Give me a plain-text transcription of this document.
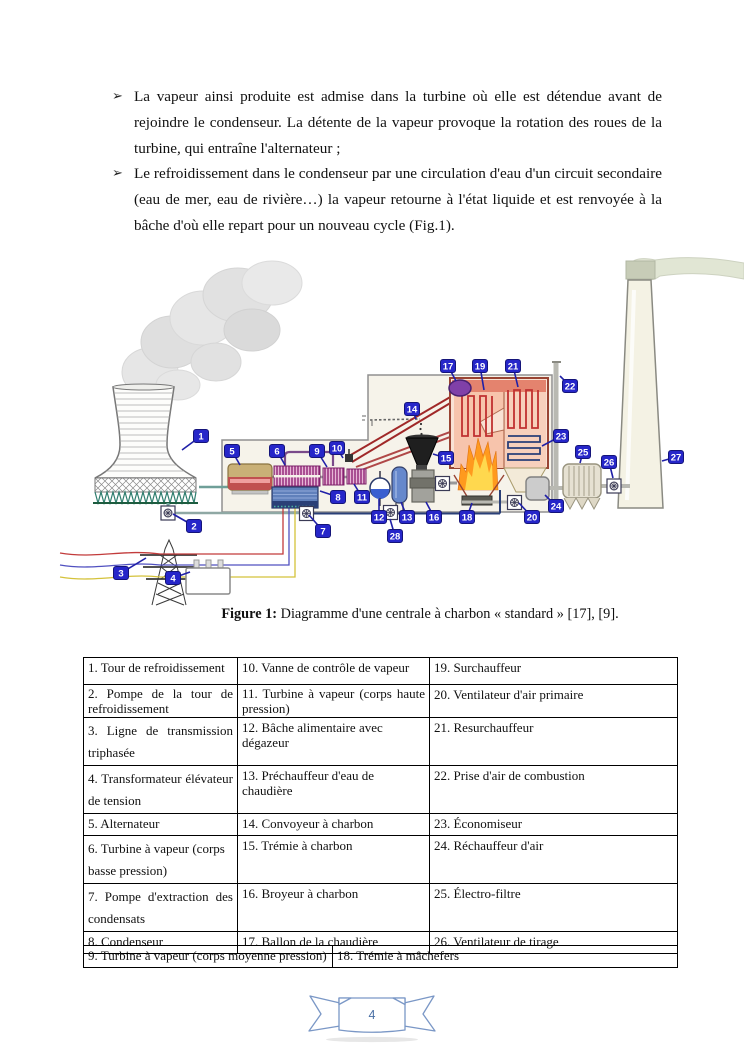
➢ La vapeur ainsi produite est admise dans la turbine où elle est détendue avant de rejoindre le condenseur. La détente de la vapeur provoque la rotation des roues de la turbine, qui entraîne l'alternateur ;
➢ Le refroidissement dans le condenseur par une circulation d'eau d'un circuit secondaire (eau de mer, eau de rivière…) la vapeur retourne à l'état liquide et est renvoyée à la bâche d'où elle repart pour un nouveau cycle (Fig.1).
1
2
3	4
5	6
7
8
9 10
11
12 13
14
15
16
17
18
19
20
21
22
23
24
25
26	27
28
Figure 1: Diagramme d'une centrale à charbon « standard » [17], [9].
1. Tour de refroidissement	10. Vanne de contrôle de vapeur	19. Surchauffeur
2. Pompe de la tour de refroidissement	11. Turbine à vapeur (corps haute pression)	20. Ventilateur d'air primaire
3. Ligne de transmission triphasée	12. Bâche alimentaire avec dégazeur	21. Resurchauffeur
4. Transformateur élévateur de tension	13. Préchauffeur d'eau de chaudière	22. Prise d'air de combustion
5. Alternateur	14. Convoyeur à charbon	23. Économiseur
6. Turbine à vapeur (corps basse pression)	15. Trémie à charbon	24. Réchauffeur d'air
7. Pompe d'extraction des condensats	16. Broyeur à charbon	25. Électro-filtre
8. Condenseur	17. Ballon de la chaudière	26. Ventilateur de tirage
9. Turbine à vapeur (corps moyenne pression)	18. Trémie à mâchefers
4
